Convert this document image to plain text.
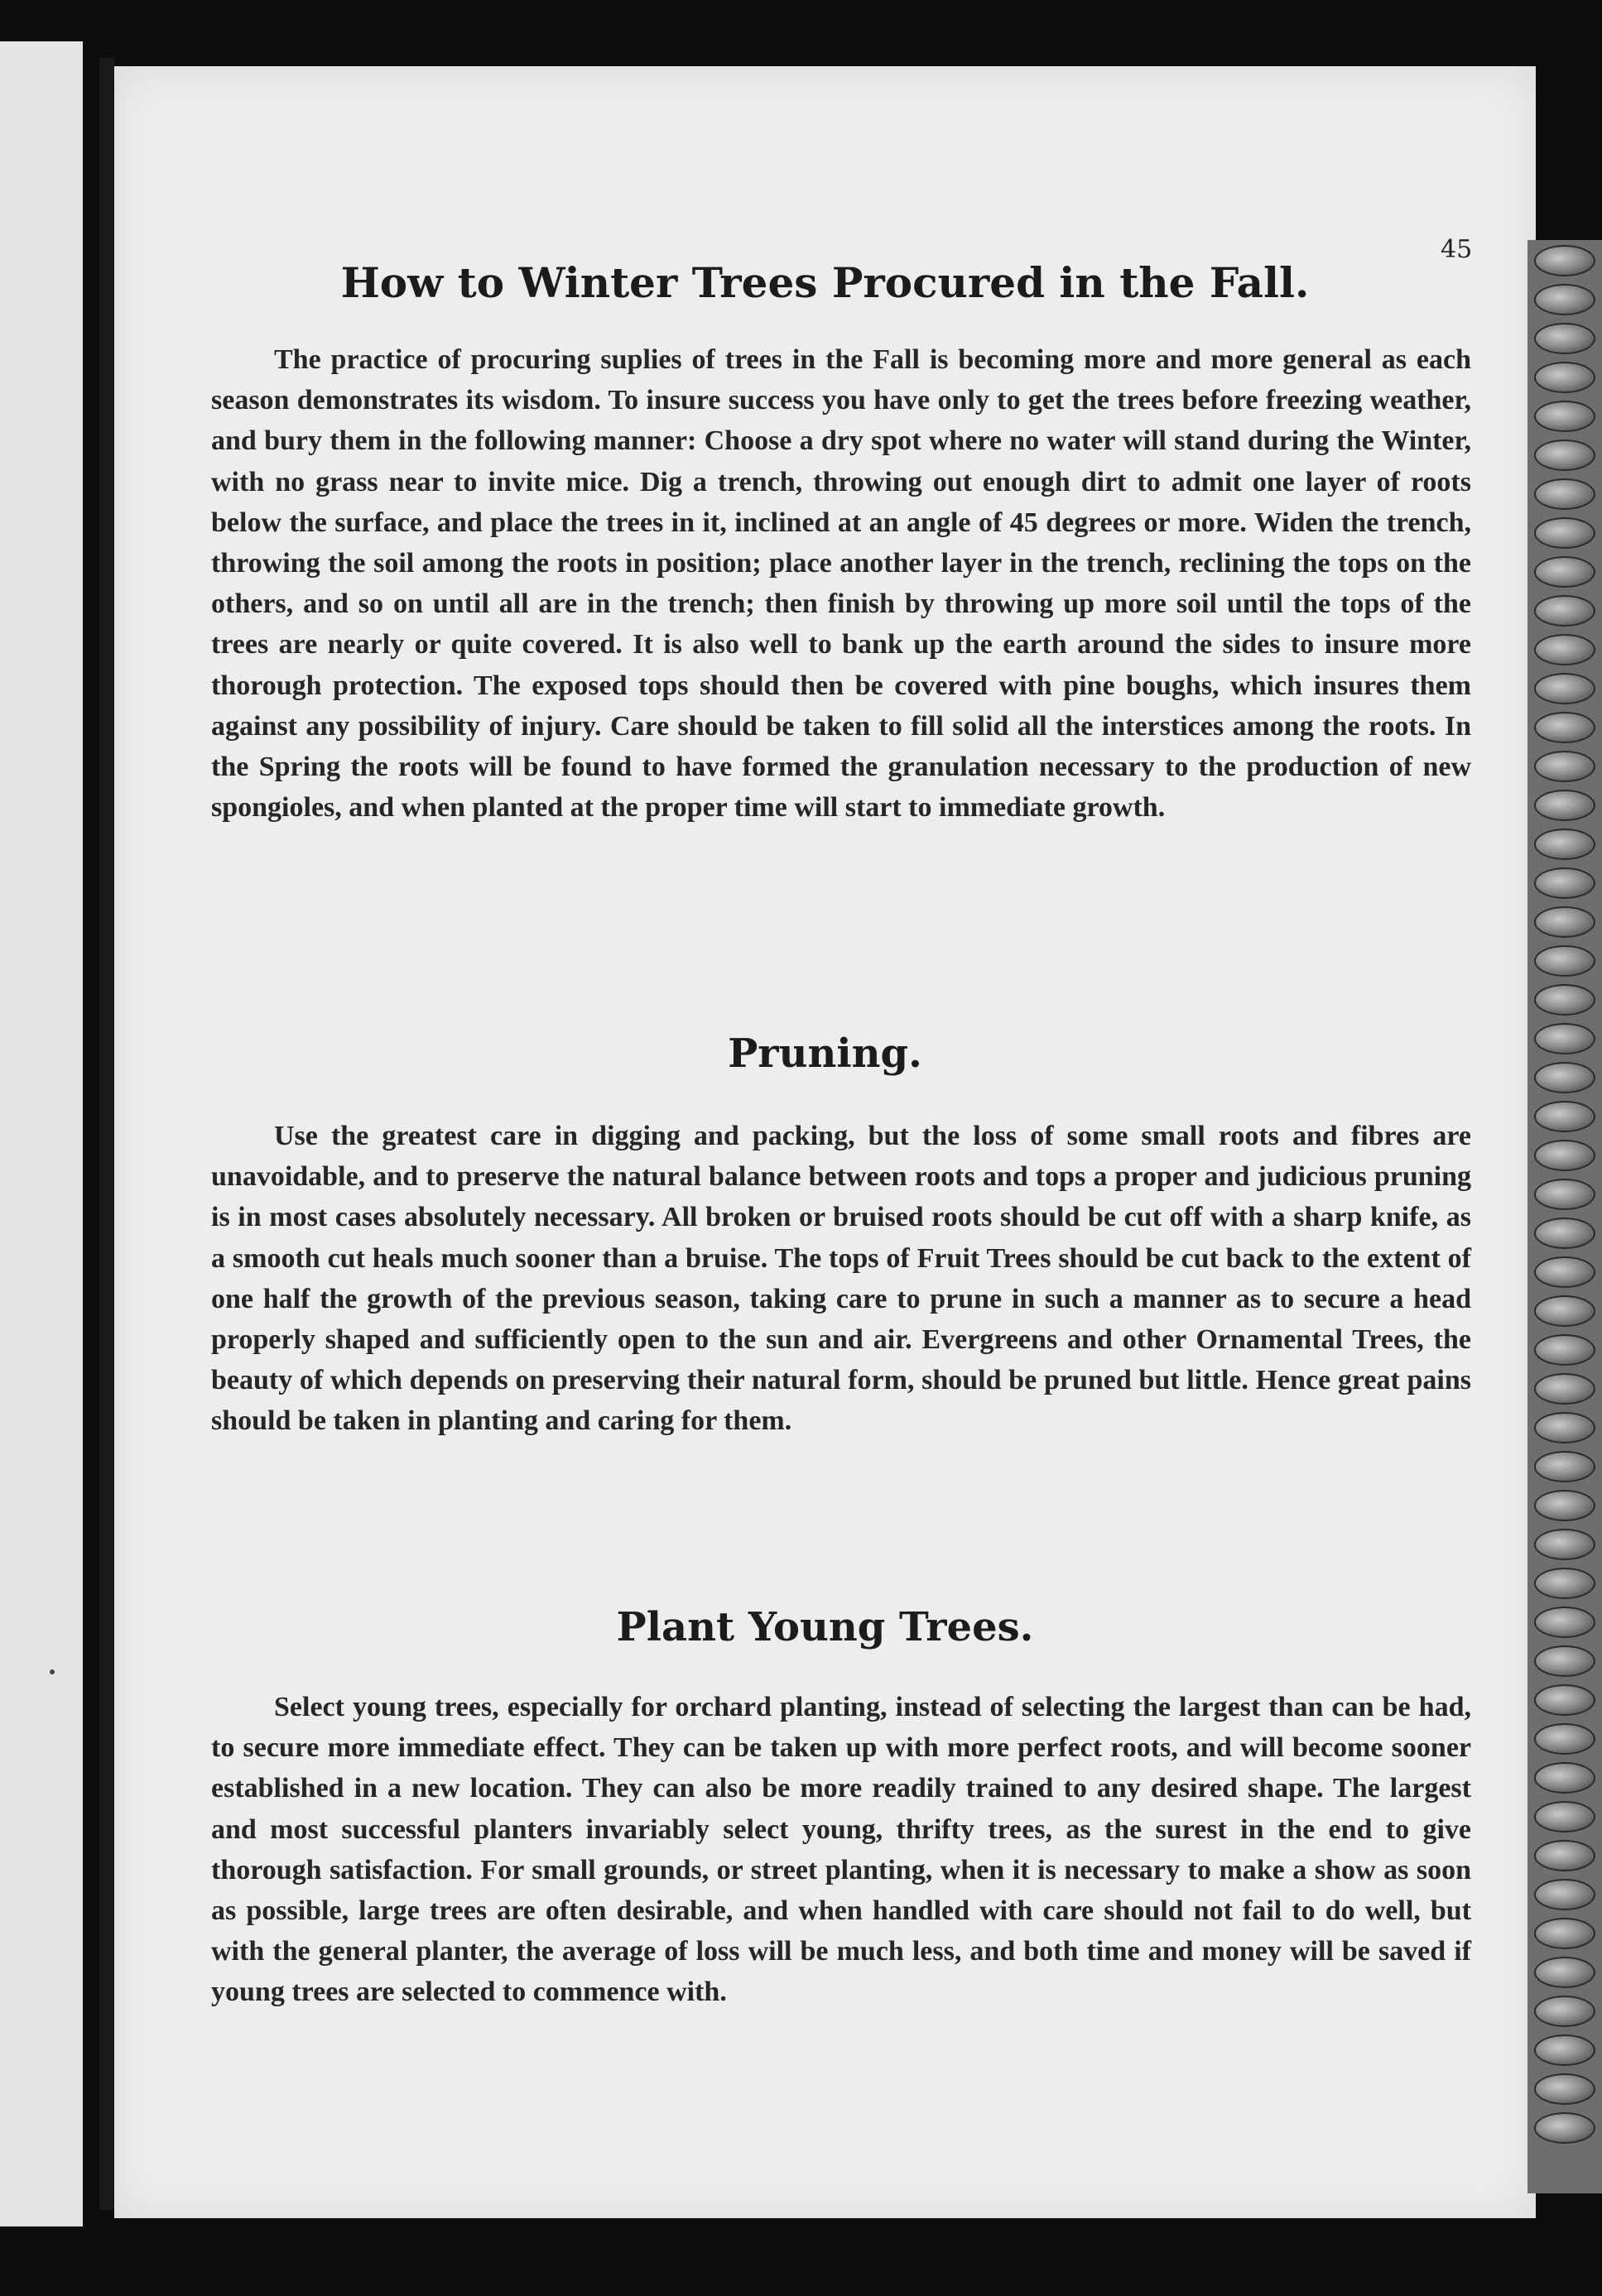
45
How to Winter Trees Procured in the Fall.

The practice of procuring suplies of trees in the Fall is becoming more and more general as each season demonstrates its wisdom. To insure success you have only to get the trees before freezing weather, and bury them in the following manner: Choose a dry spot where no water will stand during the Winter, with no grass near to invite mice. Dig a trench, throwing out enough dirt to admit one layer of roots below the surface, and place the trees in it, inclined at an angle of 45 degrees or more. Widen the trench, throwing the soil among the roots in position; place another layer in the trench, reclining the tops on the others, and so on until all are in the trench; then finish by throwing up more soil until the tops of the trees are nearly or quite covered. It is also well to bank up the earth around the sides to insure more thorough protection. The exposed tops should then be covered with pine boughs, which insures them against any possibility of injury. Care should be taken to fill solid all the interstices among the roots. In the Spring the roots will be found to have formed the granulation necessary to the production of new spongioles, and when planted at the proper time will start to immediate growth.

Pruning.

Use the greatest care in digging and packing, but the loss of some small roots and fibres are unavoidable, and to preserve the natural balance between roots and tops a proper and judicious pruning is in most cases absolutely necessary. All broken or bruised roots should be cut off with a sharp knife, as a smooth cut heals much sooner than a bruise. The tops of Fruit Trees should be cut back to the extent of one half the growth of the previous season, taking care to prune in such a manner as to secure a head properly shaped and sufficiently open to the sun and air. Evergreens and other Ornamental Trees, the beauty of which depends on preserving their natural form, should be pruned but little. Hence great pains should be taken in planting and caring for them.

Plant Young Trees.

Select young trees, especially for orchard planting, instead of selecting the largest than can be had, to secure more immediate effect. They can be taken up with more perfect roots, and will become sooner established in a new location. They can also be more readily trained to any desired shape. The largest and most successful planters invariably select young, thrifty trees, as the surest in the end to give thorough satisfaction. For small grounds, or street planting, when it is necessary to make a show as soon as possible, large trees are often desirable, and when handled with care should not fail to do well, but with the general planter, the average of loss will be much less, and both time and money will be saved if young trees are selected to commence with.
